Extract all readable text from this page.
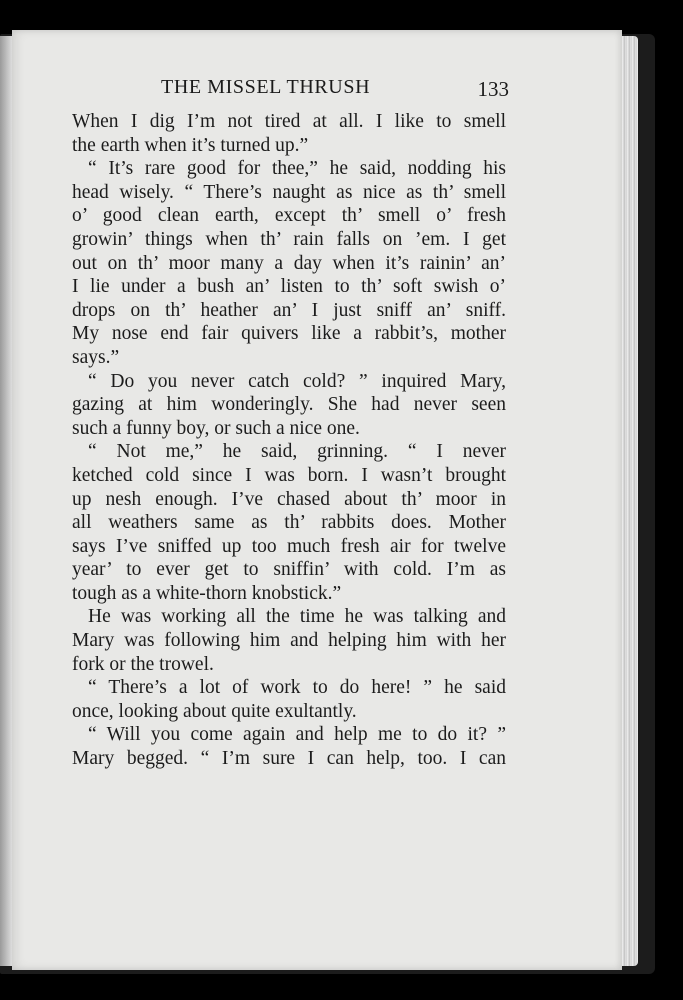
THE MISSEL THRUSH	133
When I dig I’m not tired at all. I like to smell
the earth when it’s turned up.”
“ It’s rare good for thee,” he said, nodding his
head wisely. “ There’s naught as nice as th’ smell
o’ good clean earth, except th’ smell o’ fresh
growin’ things when th’ rain falls on ’em. I get
out on th’ moor many a day when it’s rainin’ an’
I lie under a bush an’ listen to th’ soft swish o’
drops on th’ heather an’ I just sniff an’ sniff.
My nose end fair quivers like a rabbit’s, mother
says.”
“ Do you never catch cold? ” inquired Mary,
gazing at him wonderingly. She had never seen
such a funny boy, or such a nice one.
“ Not me,” he said, grinning. “ I never
ketched cold since I was born. I wasn’t brought
up nesh enough. I’ve chased about th’ moor in
all weathers same as th’ rabbits does. Mother
says I’ve sniffed up too much fresh air for twelve
year’ to ever get to sniffin’ with cold. I’m as
tough as a white-thorn knobstick.”
He was working all the time he was talking and
Mary was following him and helping him with her
fork or the trowel.
“ There’s a lot of work to do here! ” he said
once, looking about quite exultantly.
“ Will you come again and help me to do it? ”
Mary begged. “ I’m sure I can help, too. I can
